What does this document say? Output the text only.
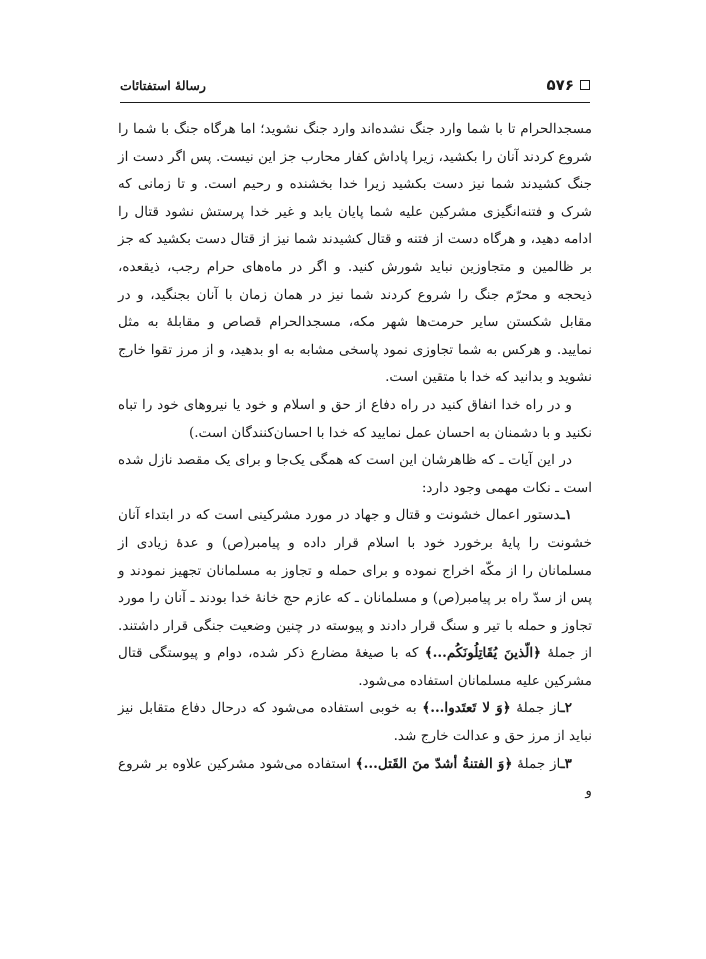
۵۷۶
رسالهٔ استفتائات

مسجدالحرام تا با شما وارد جنگ نشده‌اند وارد جنگ نشوید؛ اما هرگاه جنگ با شما را شروع کردند آنان را بکشید، زیرا پاداش کفار محارب جز این نیست. پس اگر دست از جنگ کشیدند شما نیز دست بکشید زیرا خدا بخشنده و رحیم است. و تا زمانی که شرک و فتنه‌انگیزی مشرکین علیه شما پایان یابد و غیر خدا پرستش نشود قتال را ادامه دهید، و هرگاه دست از فتنه و قتال کشیدند شما نیز از قتال دست بکشید که جز بر ظالمین و متجاوزین نباید شورش کنید. و اگر در ماه‌های حرام رجب، ذیقعده، ذیحجه و محرّم جنگ را شروع کردند شما نیز در همان زمان با آنان بجنگید، و در مقابل شکستن سایر حرمت‌ها شهر مکه، مسجدالحرام قصاص و مقابلهٔ به مثل نمایید. و هرکس به شما تجاوزی نمود پاسخی مشابه به او بدهید، و از مرز تقوا خارج نشوید و بدانید که خدا با متقین است.

و در راه خدا انفاق کنید در راه دفاع از حق و اسلام و خود یا نیروهای خود را تباه نکنید و با دشمنان به احسان عمل نمایید که خدا با احسان‌کنندگان است.)

در این آیات ـ که ظاهرشان این است که همگی یک‌جا و برای یک مقصد نازل شده است ـ نکات مهمی وجود دارد:

۱ـدستور اعمال خشونت و قتال و جهاد در مورد مشرکینی است که در ابتداء آنان خشونت را پایهٔ برخورد خود با اسلام قرار داده و پیامبر(ص) و عدهٔ زیادی از مسلمانان را از مکّه اخراج نموده و برای حمله و تجاوز به مسلمانان تجهیز نمودند و پس از سدّ راه بر پیامبر(ص) و مسلمانان ـ که عازم حج خانهٔ خدا بودند ـ آنان را مورد تجاوز و حمله با تیر و سنگ قرار دادند و پیوسته در چنین وضعیت جنگی قرار داشتند. از جملهٔ ﴿الّذینَ یُقَاتِلُونَکُم...﴾ که با صیغهٔ مضارع ذکر شده، دوام و پیوستگی قتال مشرکین علیه مسلمانان استفاده می‌شود.

۲ـاز جملهٔ ﴿وَ لا تَعتَدوا...﴾ به خوبی استفاده می‌شود که درحال دفاع متقابل نیز نباید از مرز حق و عدالت خارج شد.

۳ـاز جملهٔ ﴿وَ الفتنةُ أشدّ منَ القَتل...﴾ استفاده می‌شود مشرکین علاوه بر شروع و
